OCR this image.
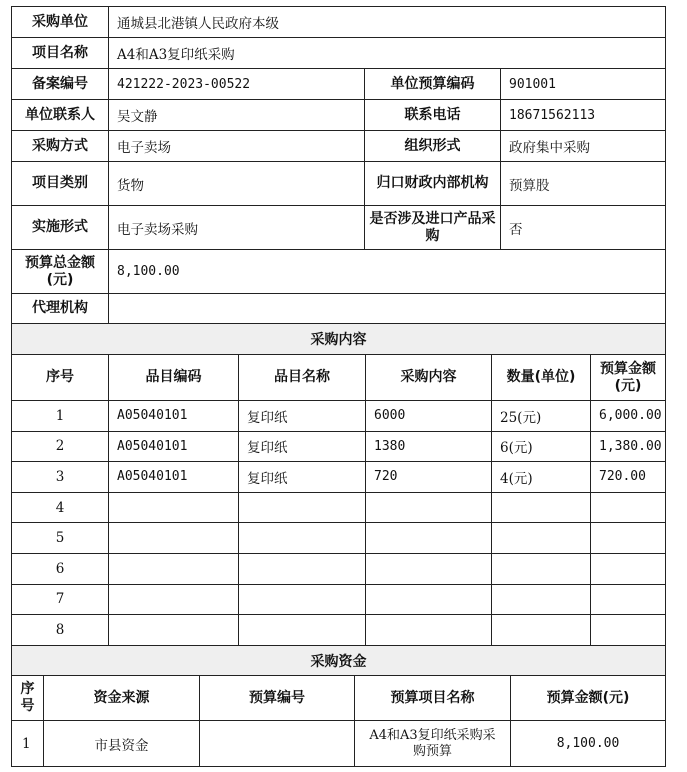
采购单位	通城县北港镇人民政府本级		
项目名称	A4和A3复印纸采购		
备案编号	421222-2023-00522	单位预算编码	901001
单位联系人	吴文静	联系电话	18671562113
采购方式	电子卖场	组织形式	政府集中采购
项目类别	货物	归口财政内部机构	预算股
实施形式	电子卖场采购	是否涉及进口产品采购	否
预算总金额(元)	8,100.00		
代理机构			
采购内容					
序号	品目编码	品目名称	采购内容	数量(单位)	预算金额(元)
1	A05040101	复印纸	6000	25(元)	6,000.00
2	A05040101	复印纸	1380	6(元)	1,380.00
3	A05040101	复印纸	720	4(元)	720.00
4					
5					
6					
7					
8					
采购资金				
序号	资金来源	预算编号	预算项目名称	预算金额(元)
1	市县资金		A4和A3复印纸采购采购预算	8,100.00
